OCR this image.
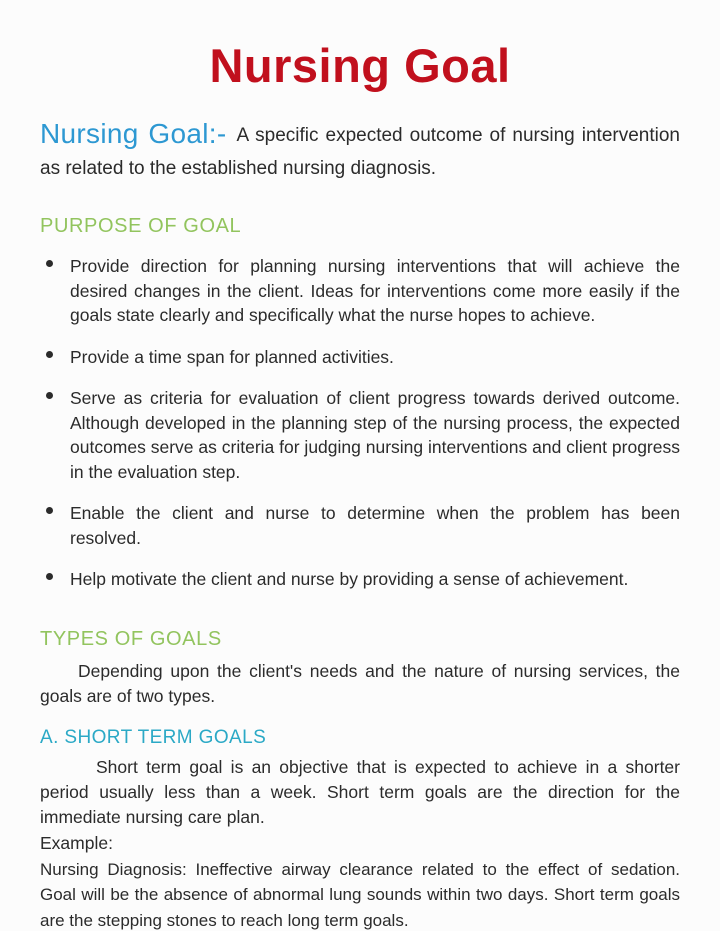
Nursing Goal

Nursing Goal:- A specific expected outcome of nursing intervention as related to the established nursing diagnosis.

PURPOSE OF GOAL
Provide direction for planning nursing interventions that will achieve the desired changes in the client. Ideas for interventions come more easily if the goals state clearly and specifically what the nurse hopes to achieve.
Provide a time span for planned activities.
Serve as criteria for evaluation of client progress towards derived outcome. Although developed in the planning step of the nursing process, the expected outcomes serve as criteria for judging nursing interventions and client progress in the evaluation step.
Enable the client and nurse to determine when the problem has been resolved.
Help motivate the client and nurse by providing a sense of achievement.
TYPES OF GOALS

Depending upon the client's needs and the nature of nursing services, the goals are of two types.

A. SHORT TERM GOALS

Short term goal is an objective that is expected to achieve in a shorter period usually less than a week. Short term goals are the direction for the immediate nursing care plan.

Example:

Nursing Diagnosis: Ineffective airway clearance related to the effect of sedation. Goal will be the absence of abnormal lung sounds within two days. Short term goals are the stepping stones to reach long term goals.
